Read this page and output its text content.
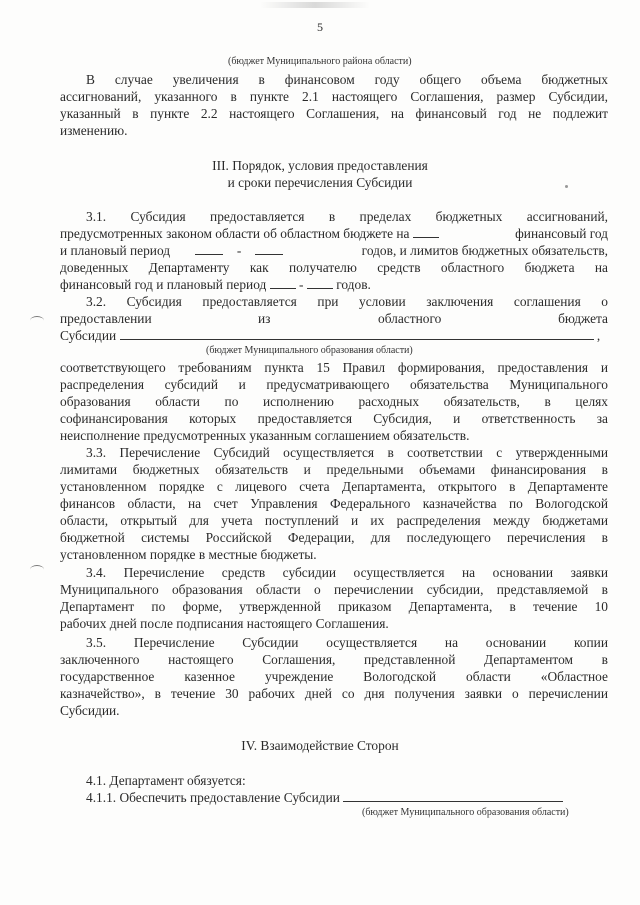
5
(бюджет Муниципального района области)
В случае увеличения в финансовом году общего объема бюджетных
ассигнований, указанного в пункте 2.1 настоящего Соглашения, размер Субсидии,
указанный в пункте 2.2 настоящего Соглашения, на финансовый год не подлежит
изменению.
III. Порядок, условия предоставления
и сроки перечисления Субсидии
3.1. Субсидия предоставляется в пределах бюджетных ассигнований,
предусмотренных законом области об областном бюджете на	финансовый год
и плановый период	-	годов, и лимитов бюджетных обязательств,
доведенных Департаменту как получателю средств областного бюджета на
финансовый год и плановый период - годов.
3.2. Субсидия предоставляется при условии заключения соглашения о
предоставлении	из	областного	бюджета
Субсидии	,
(бюджет Муниципального образования области)
соответствующего требованиям пункта 15 Правил формирования, предоставления и
распределения субсидий и предусматривающего обязательства Муниципального
образования области по исполнению расходных обязательств, в целях
софинансирования которых предоставляется Субсидия, и ответственность за
неисполнение предусмотренных указанным соглашением обязательств.
3.3. Перечисление Субсидий осуществляется в соответствии с утвержденными
лимитами бюджетных обязательств и предельными объемами финансирования в
установленном порядке с лицевого счета Департамента, открытого в Департаменте
финансов области, на счет Управления Федерального казначейства по Вологодской
области, открытый для учета поступлений и их распределения между бюджетами
бюджетной системы Российской Федерации, для последующего перечисления в
установленном порядке в местные бюджеты.
3.4. Перечисление средств субсидии осуществляется на основании заявки
Муниципального образования области о перечислении субсидии, представляемой в
Департамент по форме, утвержденной приказом Департамента, в течение 10
рабочих дней после подписания настоящего Соглашения.
3.5. Перечисление Субсидии осуществляется на основании копии
заключенного настоящего Соглашения, представленной Департаментом в
государственное казенное учреждение Вологодской области «Областное
казначейство», в течение 30 рабочих дней со дня получения заявки о перечислении
Субсидии.
IV. Взаимодействие Сторон
4.1. Департамент обязуется:
4.1.1. Обеспечить предоставление Субсидии
(бюджет Муниципального образования области)
